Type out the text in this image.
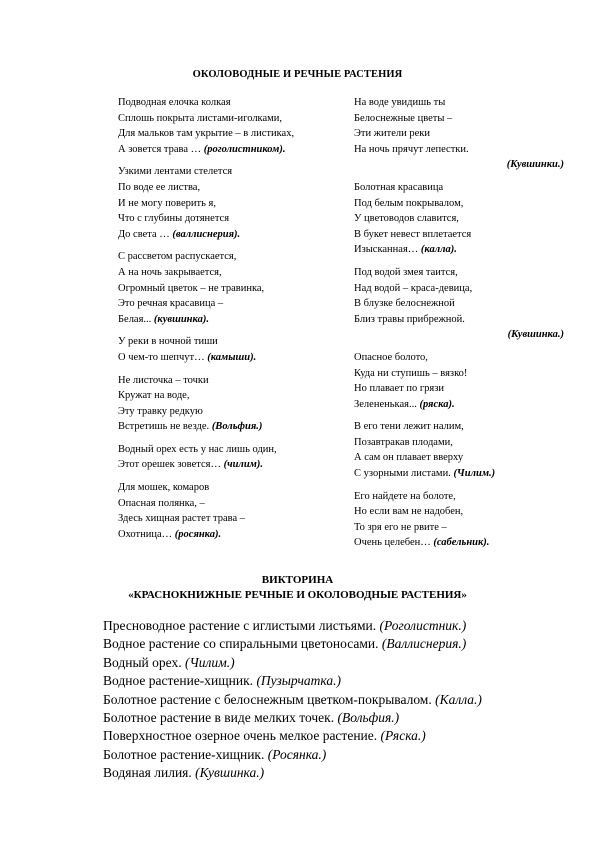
ОКОЛОВОДНЫЕ И РЕЧНЫЕ РАСТЕНИЯ
Подводная елочка колкая
Сплошь покрыта листами-иголками,
Для мальков там укрытие – в листиках,
А зовется трава … (роголистником).
Узкими лентами стелется
По воде ее листва,
И не могу поверить я,
Что с глубины дотянется
До света … (валлиснерия).
С рассветом распускается,
А на ночь закрывается,
Огромный цветок – не травинка,
Это речная красавица –
Белая... (кувшинка).
У реки в ночной тиши
О чем-то шепчут… (камыши).
Не листочка – точки
Кружат на воде,
Эту травку редкую
Встретишь не везде. (Вольфия.)
Водный орех есть у нас лишь один,
Этот орешек зовется… (чилим).
Для мошек, комаров
Опасная полянка, –
Здесь хищная растет трава –
Охотница… (росянка).
На воде увидишь ты
Белоснежные цветы –
Эти жители реки
На ночь прячут лепестки.
(Кувшинки.)
Болотная красавица
Под белым покрывалом,
У цветоводов славится,
В букет невест вплетается
Изысканная… (калла).
Под водой змея таится,
Над водой – краса-девица,
В блузке белоснежной
Близ травы прибрежной.
(Кувшинка.)
Опасное болото,
Куда ни ступишь – вязко!
Но плавает по грязи
Зелененькая... (ряска).
В его тени лежит налим,
Позавтракав плодами,
А сам он плавает вверху
С узорными листами. (Чилим.)
Его найдете на болоте,
Но если вам не надобен,
То зря его не рвите –
Очень целебен… (сабельник).
ВИКТОРИНА
«КРАСНОКНИЖНЫЕ РЕЧНЫЕ И ОКОЛОВОДНЫЕ РАСТЕНИЯ»
Пресноводное растение с иглистыми листьями. (Роголистник.)
Водное растение со спиральными цветоносами. (Валлиснерия.)
Водный орех. (Чилим.)
Водное растение-хищник. (Пузырчатка.)
Болотное растение с белоснежным цветком-покрывалом. (Калла.)
Болотное растение в виде мелких точек. (Вольфия.)
Поверхностное озерное очень мелкое растение. (Ряска.)
Болотное растение-хищник. (Росянка.)
Водяная лилия. (Кувшинка.)
